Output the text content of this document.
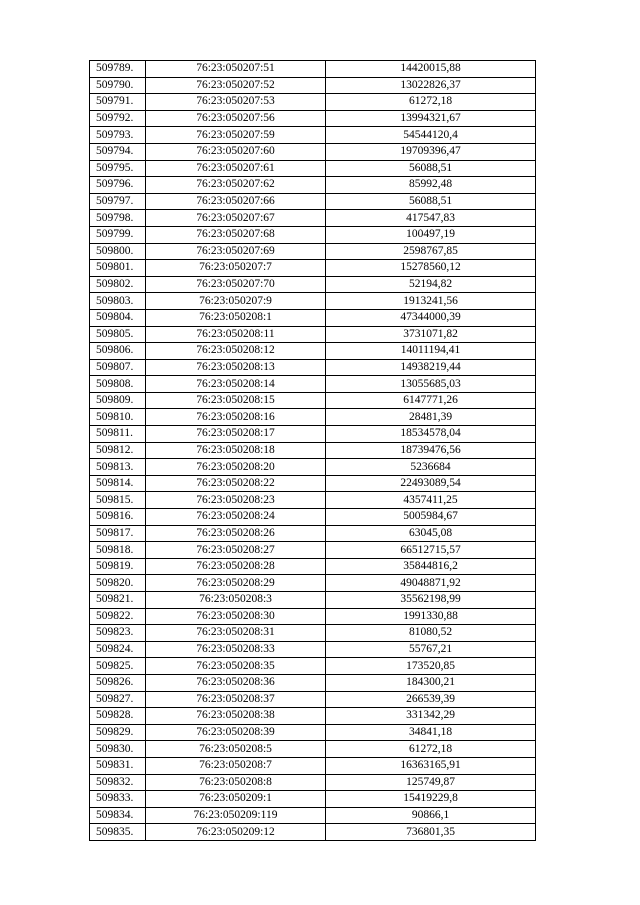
509789.	76:23:050207:51	14420015,88
509790.	76:23:050207:52	13022826,37
509791.	76:23:050207:53	61272,18
509792.	76:23:050207:56	13994321,67
509793.	76:23:050207:59	54544120,4
509794.	76:23:050207:60	19709396,47
509795.	76:23:050207:61	56088,51
509796.	76:23:050207:62	85992,48
509797.	76:23:050207:66	56088,51
509798.	76:23:050207:67	417547,83
509799.	76:23:050207:68	100497,19
509800.	76:23:050207:69	2598767,85
509801.	76:23:050207:7	15278560,12
509802.	76:23:050207:70	52194,82
509803.	76:23:050207:9	1913241,56
509804.	76:23:050208:1	47344000,39
509805.	76:23:050208:11	3731071,82
509806.	76:23:050208:12	14011194,41
509807.	76:23:050208:13	14938219,44
509808.	76:23:050208:14	13055685,03
509809.	76:23:050208:15	6147771,26
509810.	76:23:050208:16	28481,39
509811.	76:23:050208:17	18534578,04
509812.	76:23:050208:18	18739476,56
509813.	76:23:050208:20	5236684
509814.	76:23:050208:22	22493089,54
509815.	76:23:050208:23	4357411,25
509816.	76:23:050208:24	5005984,67
509817.	76:23:050208:26	63045,08
509818.	76:23:050208:27	66512715,57
509819.	76:23:050208:28	35844816,2
509820.	76:23:050208:29	49048871,92
509821.	76:23:050208:3	35562198,99
509822.	76:23:050208:30	1991330,88
509823.	76:23:050208:31	81080,52
509824.	76:23:050208:33	55767,21
509825.	76:23:050208:35	173520,85
509826.	76:23:050208:36	184300,21
509827.	76:23:050208:37	266539,39
509828.	76:23:050208:38	331342,29
509829.	76:23:050208:39	34841,18
509830.	76:23:050208:5	61272,18
509831.	76:23:050208:7	16363165,91
509832.	76:23:050208:8	125749,87
509833.	76:23:050209:1	15419229,8
509834.	76:23:050209:119	90866,1
509835.	76:23:050209:12	736801,35
